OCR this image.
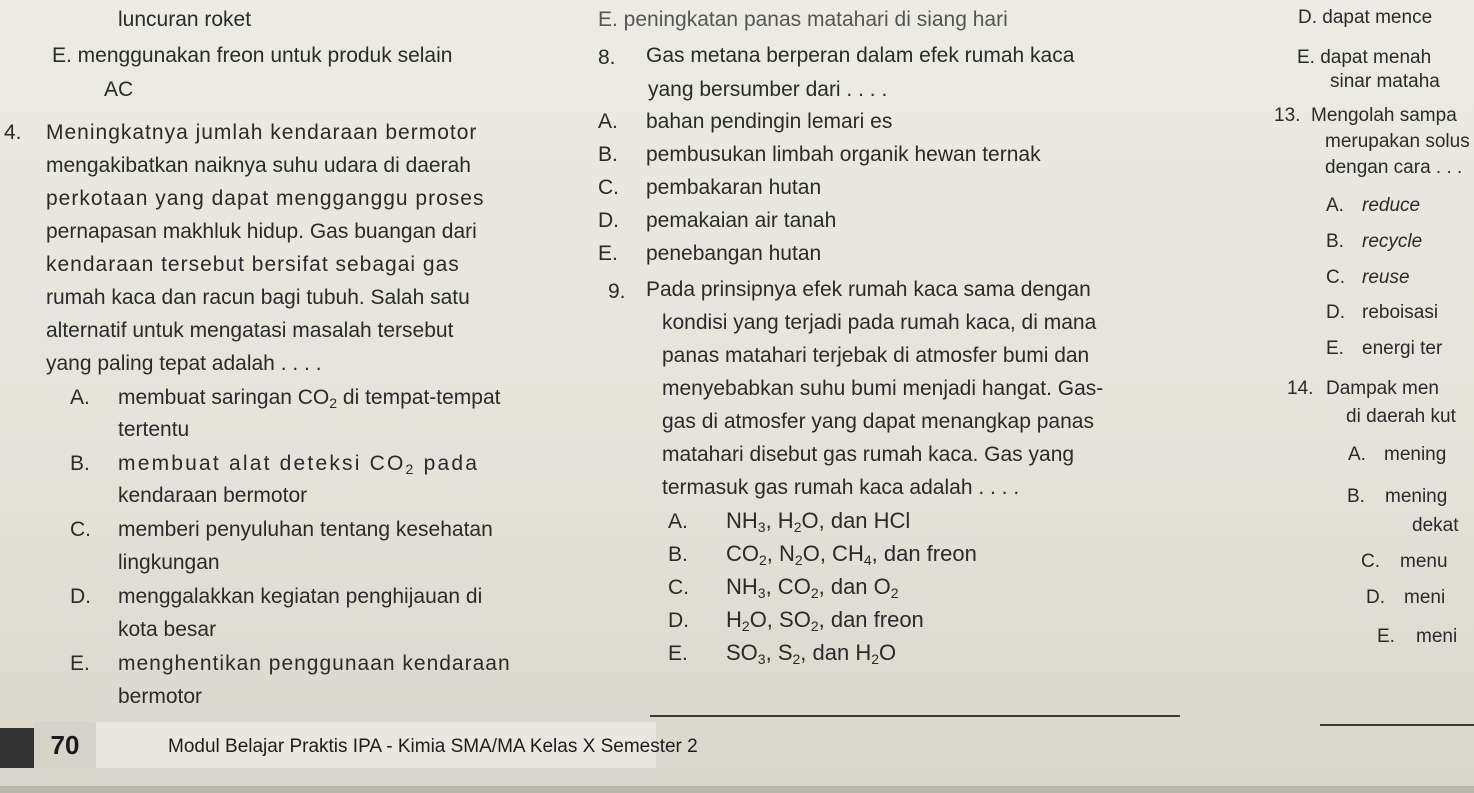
luncuran roket
E. menggunakan freon untuk produk selain
AC
4. Meningkatnya jumlah kendaraan bermotor
mengakibatkan naiknya suhu udara di daerah
perkotaan yang dapat mengganggu proses
pernapasan makhluk hidup. Gas buangan dari
kendaraan tersebut bersifat sebagai gas
rumah kaca dan racun bagi tubuh. Salah satu
alternatif untuk mengatasi masalah tersebut
yang paling tepat adalah . . . .
A. membuat saringan $CO_2$ di tempat-tempat
tertentu
B. membuat alat deteksi $CO_2$ pada
kendaraan bermotor
C. memberi penyuluhan tentang kesehatan
lingkungan
D. menggalakkan kegiatan penghijauan di
kota besar
E. menghentikan penggunaan kendaraan
bermotor
E. peningkatan panas matahari di siang hari
8. Gas metana berperan dalam efek rumah kaca
yang bersumber dari . . . .
A. bahan pendingin lemari es
B. pembusukan limbah organik hewan ternak
C. pembakaran hutan
D. pemakaian air tanah
E. penebangan hutan
9. Pada prinsipnya efek rumah kaca sama dengan
kondisi yang terjadi pada rumah kaca, di mana
panas matahari terjebak di atmosfer bumi dan
menyebabkan suhu bumi menjadi hangat. Gas-
gas di atmosfer yang dapat menangkap panas
matahari disebut gas rumah kaca. Gas yang
termasuk gas rumah kaca adalah . . . .
A. $NH_3$, $H_2O$, dan HCl
B. $CO_2$, $N_2O$, $CH_4$, dan freon
C. $NH_3$, $CO_2$, dan $O_2$
D. $H_2O$, $SO_2$, dan freon
E. $SO_3$, $S_2$, dan $H_2O$
D. dapat mence
E. dapat menah
sinar mataha
13. Mengolah sampa
merupakan solus
dengan cara . . .
A. reduce
B. recycle
C. reuse
D. reboisasi
E. energi ter
14. Dampak men
di daerah kut
A. mening
B. mening
dekat
C. menu
D. meni
E. meni
70	Modul Belajar Praktis IPA - Kimia SMA/MA Kelas X Semester 2
